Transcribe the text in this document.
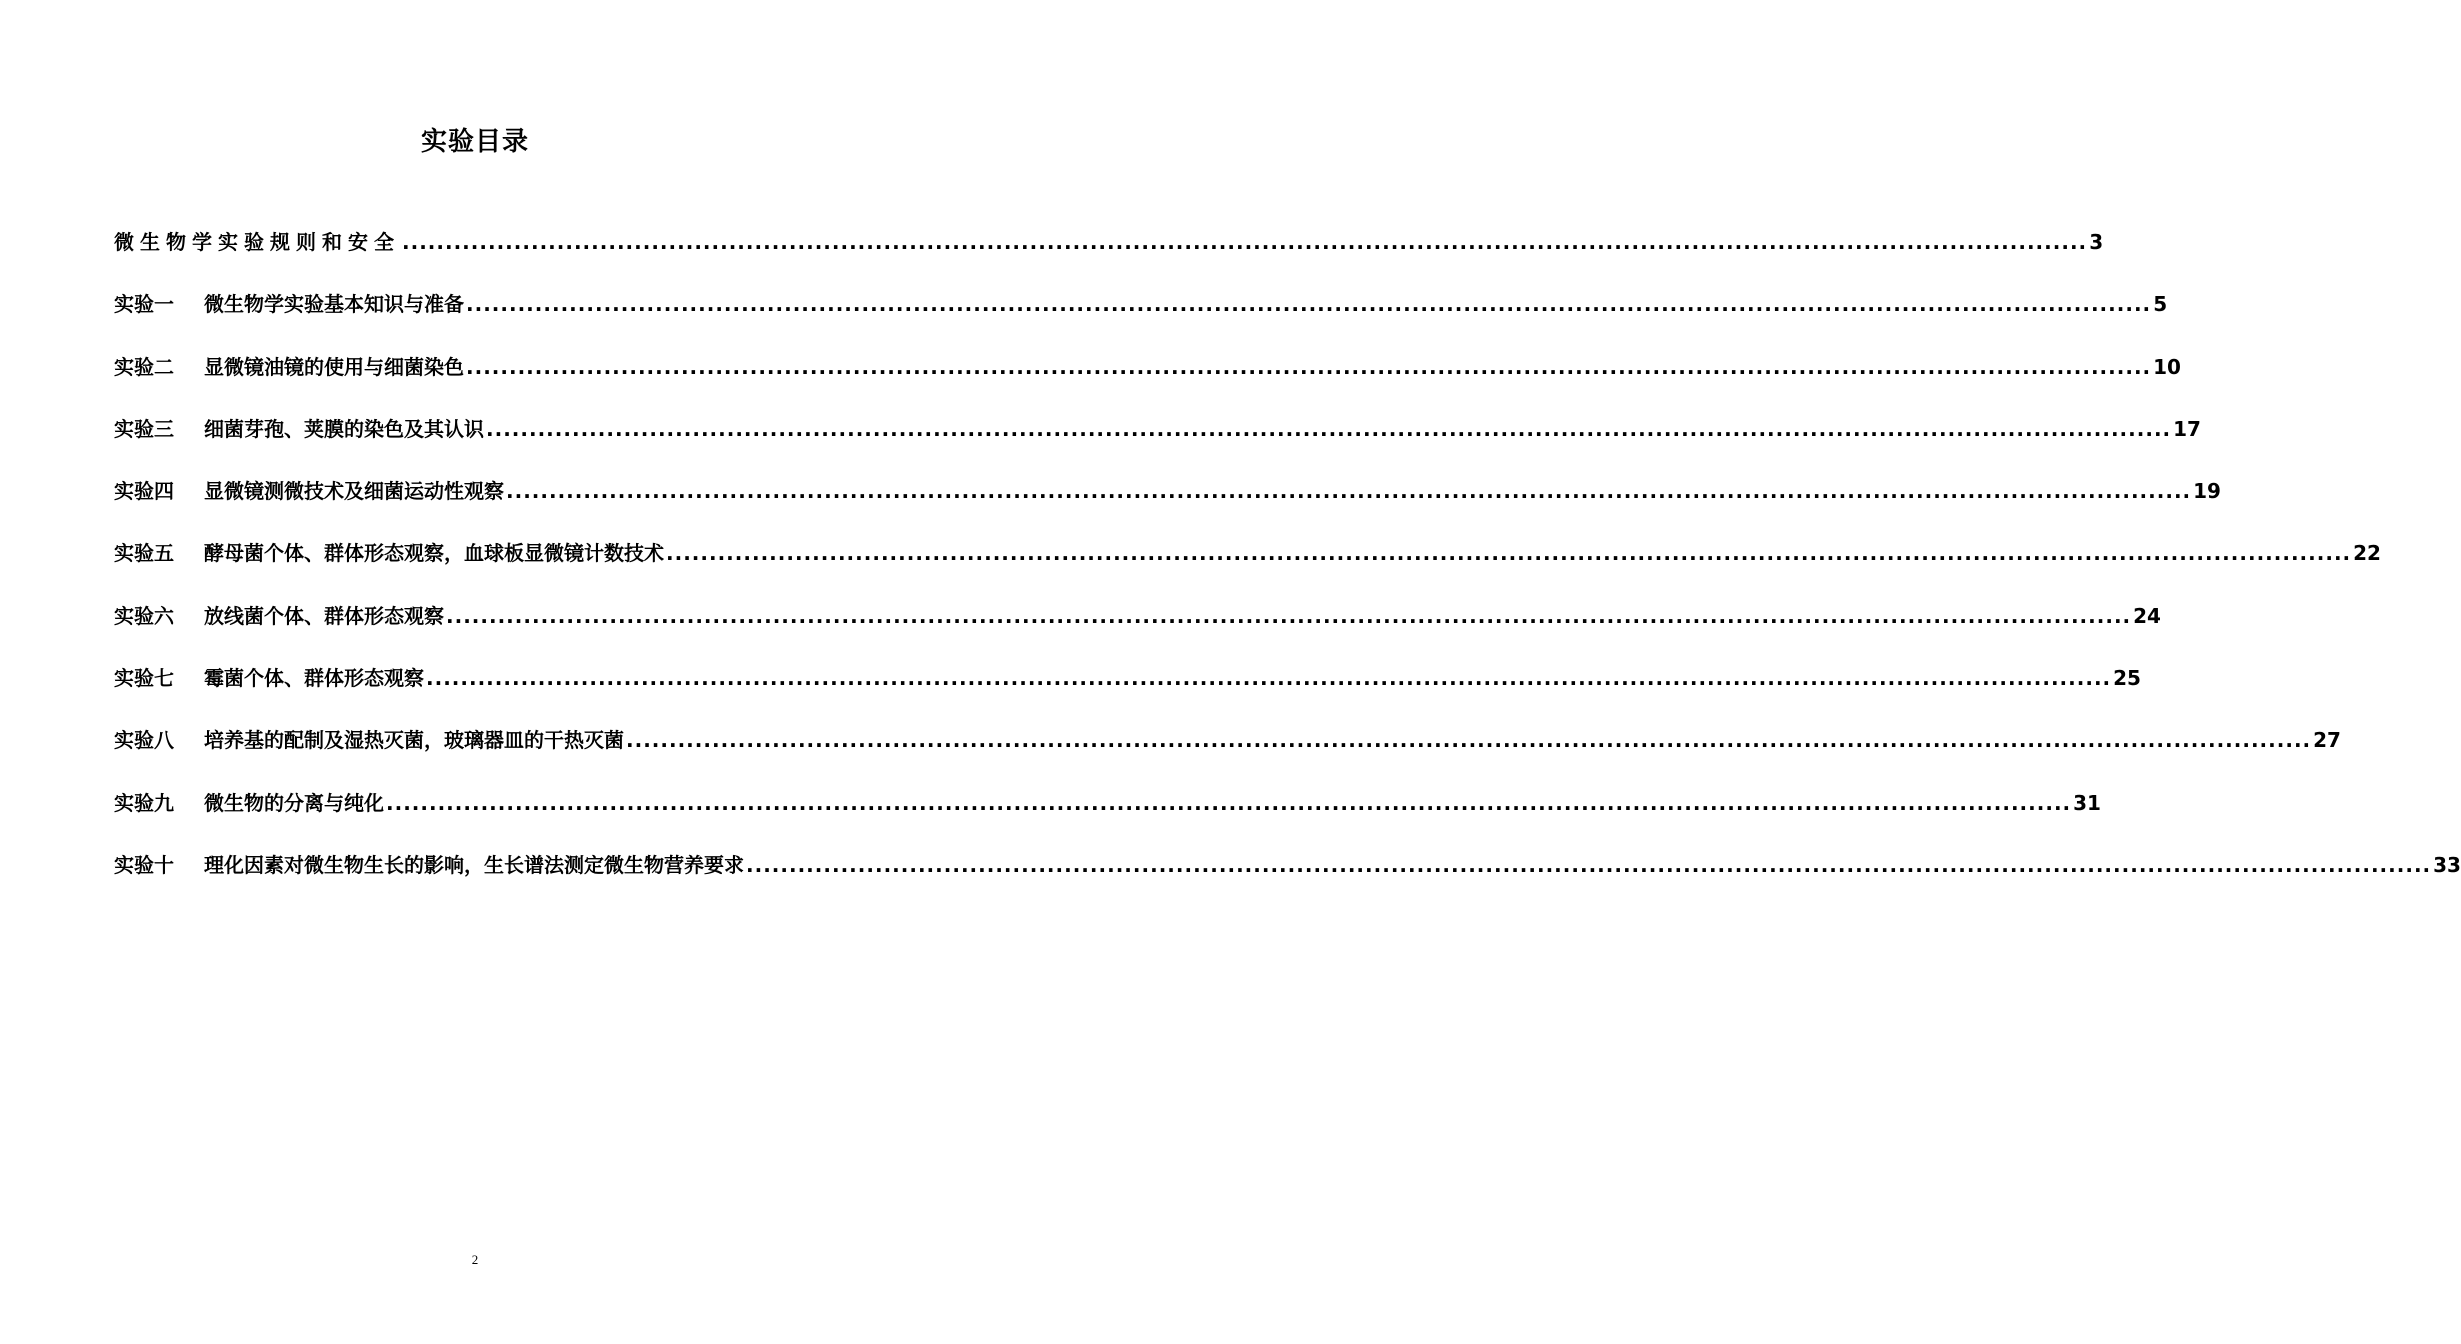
实验目录
微生物学实验规则和安全 .....	3
实验一	微生物学实验基本知识与准备 .....	5
实验二	显微镜油镜的使用与细菌染色 .....	10
实验三	细菌芽孢、荚膜的染色及其认识 .....	17
实验四	显微镜测微技术及细菌运动性观察 .....	19
实验五	酵母菌个体、群体形态观察，血球板显微镜计数技术 .....	22
实验六	放线菌个体、群体形态观察 .....	24
实验七	霉菌个体、群体形态观察 .....	25
实验八	培养基的配制及湿热灭菌，玻璃器皿的干热灭菌 .....	27
实验九	微生物的分离与纯化 .....	31
实验十	理化因素对微生物生长的影响，生长谱法测定微生物营养要求 .....	33
2
